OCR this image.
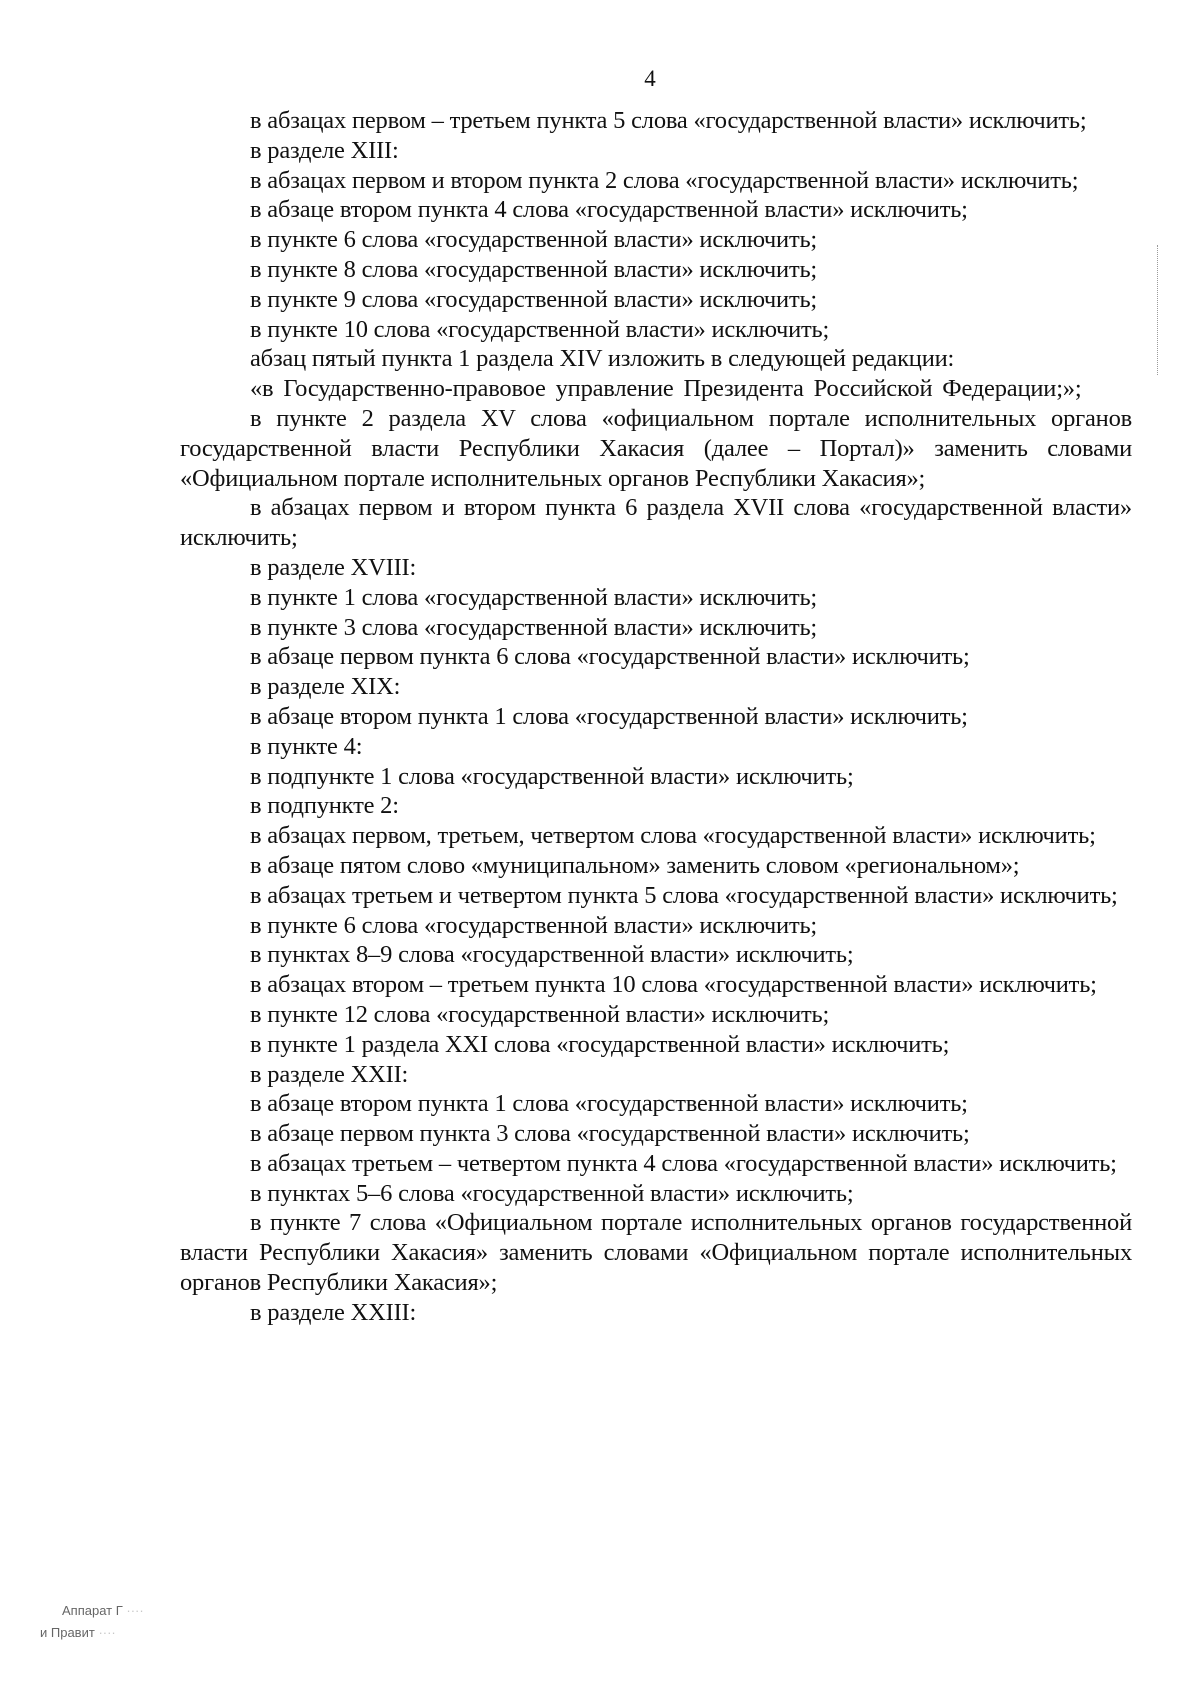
4

в абзацах первом – третьем пункта 5 слова «государственной власти» исключить;

в разделе XIII:

в абзацах первом и втором пункта 2 слова «государственной власти» исключить;

в абзаце втором пункта 4 слова «государственной власти» исключить;

в пункте 6 слова «государственной власти» исключить;

в пункте 8 слова «государственной власти» исключить;

в пункте 9 слова «государственной власти» исключить;

в пункте 10 слова «государственной власти» исключить;

абзац пятый пункта 1 раздела XIV изложить в следующей редакции:

«в Государственно-правовое управление Президента Российской Федерации;»;

в пункте 2 раздела XV слова «официальном портале исполнительных органов государственной власти Республики Хакасия (далее – Портал)» заменить словами «Официальном портале исполнительных органов Республики Хакасия»;

в абзацах первом и втором пункта 6 раздела XVII слова «государственной власти» исключить;

в разделе XVIII:

в пункте 1 слова «государственной власти» исключить;

в пункте 3 слова «государственной власти» исключить;

в абзаце первом пункта 6 слова «государственной власти» исключить;

в разделе XIX:

в абзаце втором пункта 1 слова «государственной власти» исключить;

в пункте 4:

в подпункте 1 слова «государственной власти» исключить;

в подпункте 2:

в абзацах первом, третьем, четвертом слова «государственной власти» исключить;

в абзаце пятом слово «муниципальном» заменить словом «региональном»;

в абзацах третьем и четвертом пункта 5 слова «государственной власти» исключить;

в пункте 6 слова «государственной власти» исключить;

в пунктах 8–9 слова «государственной власти» исключить;

в абзацах втором – третьем пункта 10 слова «государственной власти» исключить;

в пункте 12 слова «государственной власти» исключить;

в пункте 1 раздела XXI слова «государственной власти» исключить;

в разделе XXII:

в абзаце втором пункта 1 слова «государственной власти» исключить;

в абзаце первом пункта 3 слова «государственной власти» исключить;

в абзацах третьем – четвертом пункта 4 слова «государственной власти» исключить;

в пунктах 5–6 слова «государственной власти» исключить;

в пункте 7 слова «Официальном портале исполнительных органов государственной власти Республики Хакасия» заменить словами «Официальном портале исполнительных органов Республики Хакасия»;

в разделе XXIII:

Аппарат Г ····
и Правит ····
